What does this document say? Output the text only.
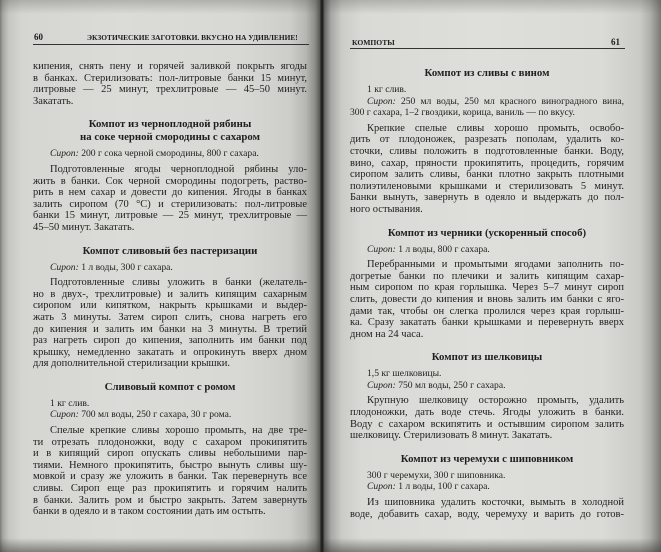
60	ЭКЗОТИЧЕСКИЕ ЗАГОТОВКИ. ВКУСНО НА УДИВЛЕНИЕ!
КОМПОТЫ	61
кипения, снять пену и горячей заливкой покрыть ягоды
в банках. Стерилизовать: пол-литровые банки 15 минут,
литровые — 25 минут, трехлитровые — 45–50 минут.
Закатать.
Компот из черноплодной рябины
на соке черной смородины с сахаром
Сироп: 200 г сока черной смородины, 800 г сахара.
Подготовленные ягоды черноплодной рябины уло-
жить в банки. Сок черной смородины подогреть, раство-
рить в нем сахар и довести до кипения. Ягоды в банках
залить сиропом (70 °С) и стерилизовать: пол-литровые
банки 15 минут, литровые — 25 минут, трехлитровые —
45–50 минут. Закатать.
Компот сливовый без пастеризации
Сироп: 1 л воды, 300 г сахара.
Подготовленные сливы уложить в банки (желатель-
но в двух-, трехлитровые) и залить кипящим сахарным
сиропом или кипятком, накрыть крышками и выдер-
жать 3 минуты. Затем сироп слить, снова нагреть его
до кипения и залить им банки на 3 минуты. В третий
раз нагреть сироп до кипения, заполнить им банки под
крышку, немедленно закатать и опрокинуть вверх дном
для дополнительной стерилизации крышки.
Сливовый компот с ромом
1 кг слив.
Сироп: 700 мл воды, 250 г сахара, 30 г рома.
Спелые крепкие сливы хорошо промыть, на две тре-
ти отрезать плодоножки, воду с сахаром прокипятить
и в кипящий сироп опускать сливы небольшими пар-
тиями. Немного прокипятить, быстро вынуть сливы шу-
мовкой и сразу же уложить в банки. Так перевернуть все
сливы. Сироп еще раз прокипятить и горячим налить
в банки. Залить ром и быстро закрыть. Затем завернуть
банки в одеяло и в таком состоянии дать им остыть.
Компот из сливы с вином
1 кг слив.
Сироп: 250 мл воды, 250 мл красного виноградного вина,
300 г сахара, 1–2 гвоздики, корица, ваниль — по вкусу.
Крепкие спелые сливы хорошо промыть, освобо-
дить от плодоножек, разрезать пополам, удалить ко-
сточки, сливы положить в подготовленные банки. Воду,
вино, сахар, пряности прокипятить, процедить, горячим
сиропом залить сливы, банки плотно закрыть плотными
полиэтиленовыми крышками и стерилизовать 5 минут.
Банки вынуть, завернуть в одеяло и выдержать до пол-
ного остывания.
Компот из черники (ускоренный способ)
Сироп: 1 л воды, 800 г сахара.
Перебранными и промытыми ягодами заполнить по-
догретые банки по плечики и залить кипящим сахар-
ным сиропом по края горлышка. Через 5–7 минут сироп
слить, довести до кипения и вновь залить им банки с яго-
дами так, чтобы он слегка пролился через края горлыш-
ка. Сразу закатать банки крышками и перевернуть вверх
дном на 24 часа.
Компот из шелковицы
1,5 кг шелковицы.
Сироп: 750 мл воды, 250 г сахара.
Крупную шелковицу осторожно промыть, удалить
плодоножки, дать воде стечь. Ягоды уложить в банки.
Воду с сахаром вскипятить и остывшим сиропом залить
шелковицу. Стерилизовать 8 минут. Закатать.
Компот из черемухи с шиповником
300 г черемухи, 300 г шиповника.
Сироп: 1 л воды, 100 г сахара.
Из шиповника удалить косточки, вымыть в холодной
воде, добавить сахар, воду, черемуху и варить до готов-
